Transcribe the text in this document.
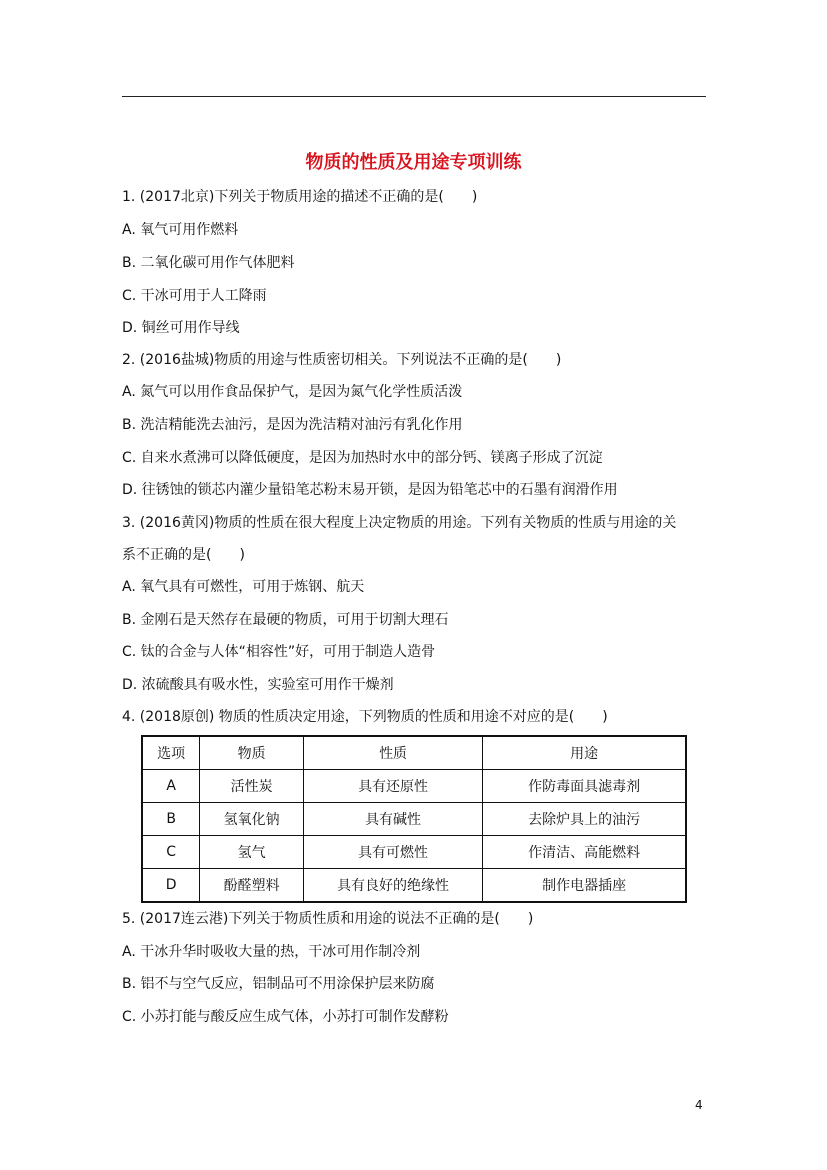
物质的性质及用途专项训练
1. (2017北京)下列关于物质用途的描述不正确的是(　　)
A. 氧气可用作燃料
B. 二氧化碳可用作气体肥料
C. 干冰可用于人工降雨
D. 铜丝可用作导线
2. (2016盐城)物质的用途与性质密切相关。下列说法不正确的是(　　)
A. 氮气可以用作食品保护气，是因为氮气化学性质活泼
B. 洗洁精能洗去油污，是因为洗洁精对油污有乳化作用
C. 自来水煮沸可以降低硬度，是因为加热时水中的部分钙、镁离子形成了沉淀
D. 往锈蚀的锁芯内灌少量铅笔芯粉末易开锁，是因为铅笔芯中的石墨有润滑作用
3. (2016黄冈)物质的性质在很大程度上决定物质的用途。下列有关物质的性质与用途的关
系不正确的是(　　)
A. 氧气具有可燃性，可用于炼钢、航天
B. 金刚石是天然存在最硬的物质，可用于切割大理石
C. 钛的合金与人体“相容性”好，可用于制造人造骨
D. 浓硫酸具有吸水性，实验室可用作干燥剂
4. (2018原创) 物质的性质决定用途，下列物质的性质和用途不对应的是(　　)
选项	物质	性质	用途
A	活性炭	具有还原性	作防毒面具滤毒剂
B	氢氧化钠	具有碱性	去除炉具上的油污
C	氢气	具有可燃性	作清洁、高能燃料
D	酚醛塑料	具有良好的绝缘性	制作电器插座
5. (2017连云港)下列关于物质性质和用途的说法不正确的是(　　)
A. 干冰升华时吸收大量的热，干冰可用作制冷剂
B. 铝不与空气反应，铝制品可不用涂保护层来防腐
C. 小苏打能与酸反应生成气体，小苏打可制作发酵粉
4
